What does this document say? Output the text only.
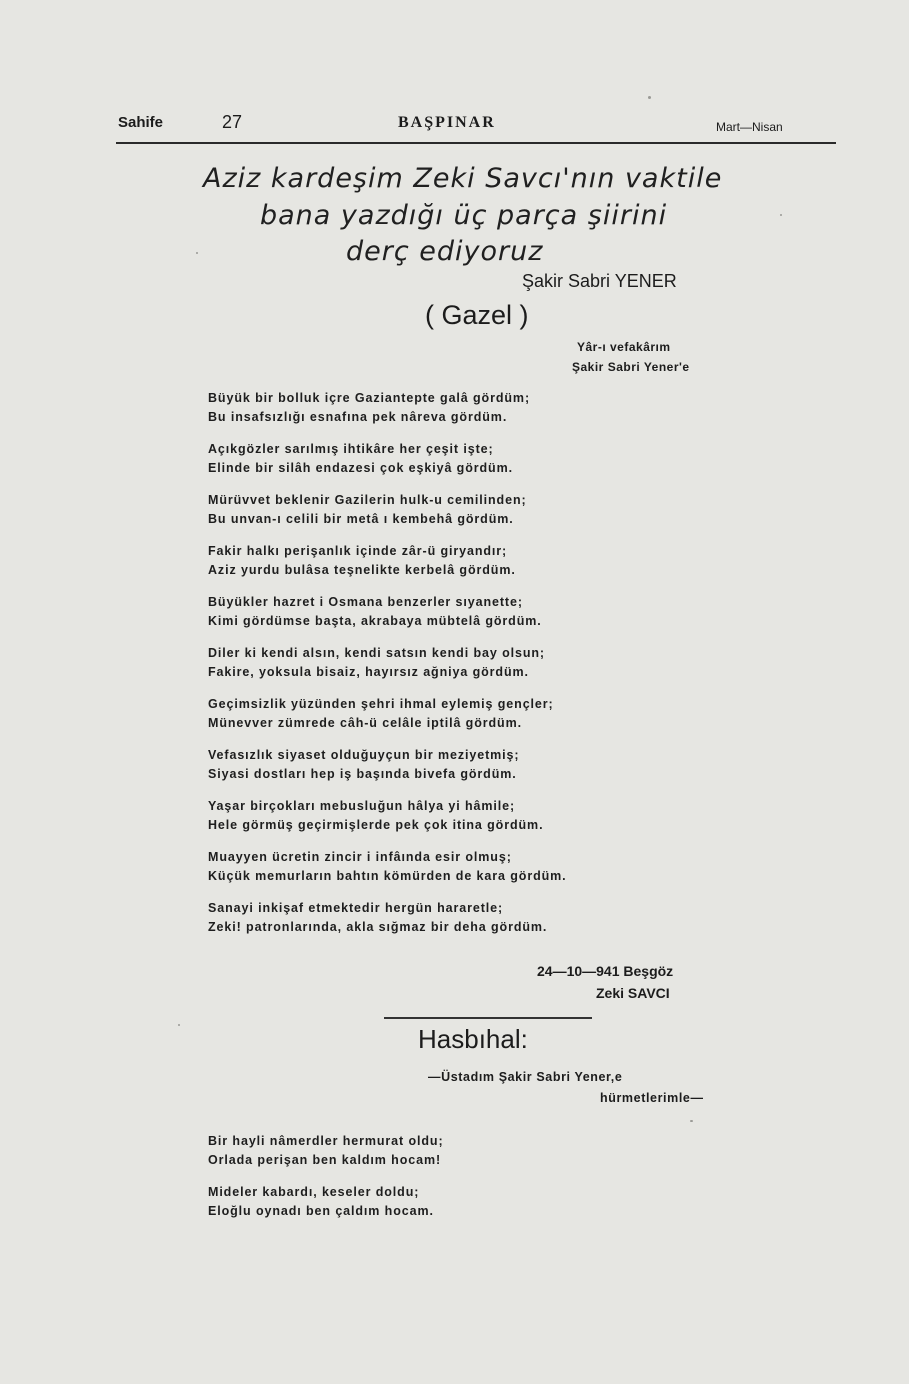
Sahife	27	BAŞPINAR	Mart—Nisan
Aziz kardeşim Zeki Savcı'nın vaktile
bana yazdığı üç parça şiirini
derç ediyoruz
Şakir Sabri YENER
( Gazel )
Yâr-ı vefakârım
Şakir Sabri Yener'e
Büyük bir bolluk içre Gaziantepte galâ gördüm;
Bu insafsızlığı esnafına pek nâreva gördüm.
Açıkgözler sarılmış ihtikâre her çeşit işte;
Elinde bir silâh endazesi çok eşkiyâ gördüm.
Mürüvvet beklenir Gazilerin hulk-u cemilinden;
Bu unvan-ı celili bir metâ ı kembehâ gördüm.
Fakir halkı perişanlık içinde zâr-ü giryandır;
Aziz yurdu bulâsa teşnelikte kerbelâ gördüm.
Büyükler hazret i Osmana benzerler sıyanette;
Kimi gördümse başta, akrabaya mübtelâ gördüm.
Diler ki kendi alsın, kendi satsın kendi bay olsun;
Fakire, yoksula bisaiz, hayırsız ağniya gördüm.
Geçimsizlik yüzünden şehri ihmal eylemiş gençler;
Münevver zümrede câh-ü celâle iptilâ gördüm.
Vefasızlık siyaset olduğuyçun bir meziyetmiş;
Siyasi dostları hep iş başında bivefa gördüm.
Yaşar birçokları mebusluğun hâlya yi hâmile;
Hele görmüş geçirmişlerde pek çok itina gördüm.
Muayyen ücretin zincir i infâında esir olmuş;
Küçük memurların bahtın kömürden de kara gördüm.
Sanayi inkişaf etmektedir hergün hararetle;
Zeki! patronlarında, akla sığmaz bir deha gördüm.
24—10—941 Beşgöz
Zeki SAVCI
Hasbıhal:
—Üstadım Şakir Sabri Yener,e
hürmetlerimle—
Bir hayli nâmerdler hermurat oldu;
Orlada perişan ben kaldım hocam!
Mideler kabardı, keseler doldu;
Eloğlu oynadı ben çaldım hocam.
